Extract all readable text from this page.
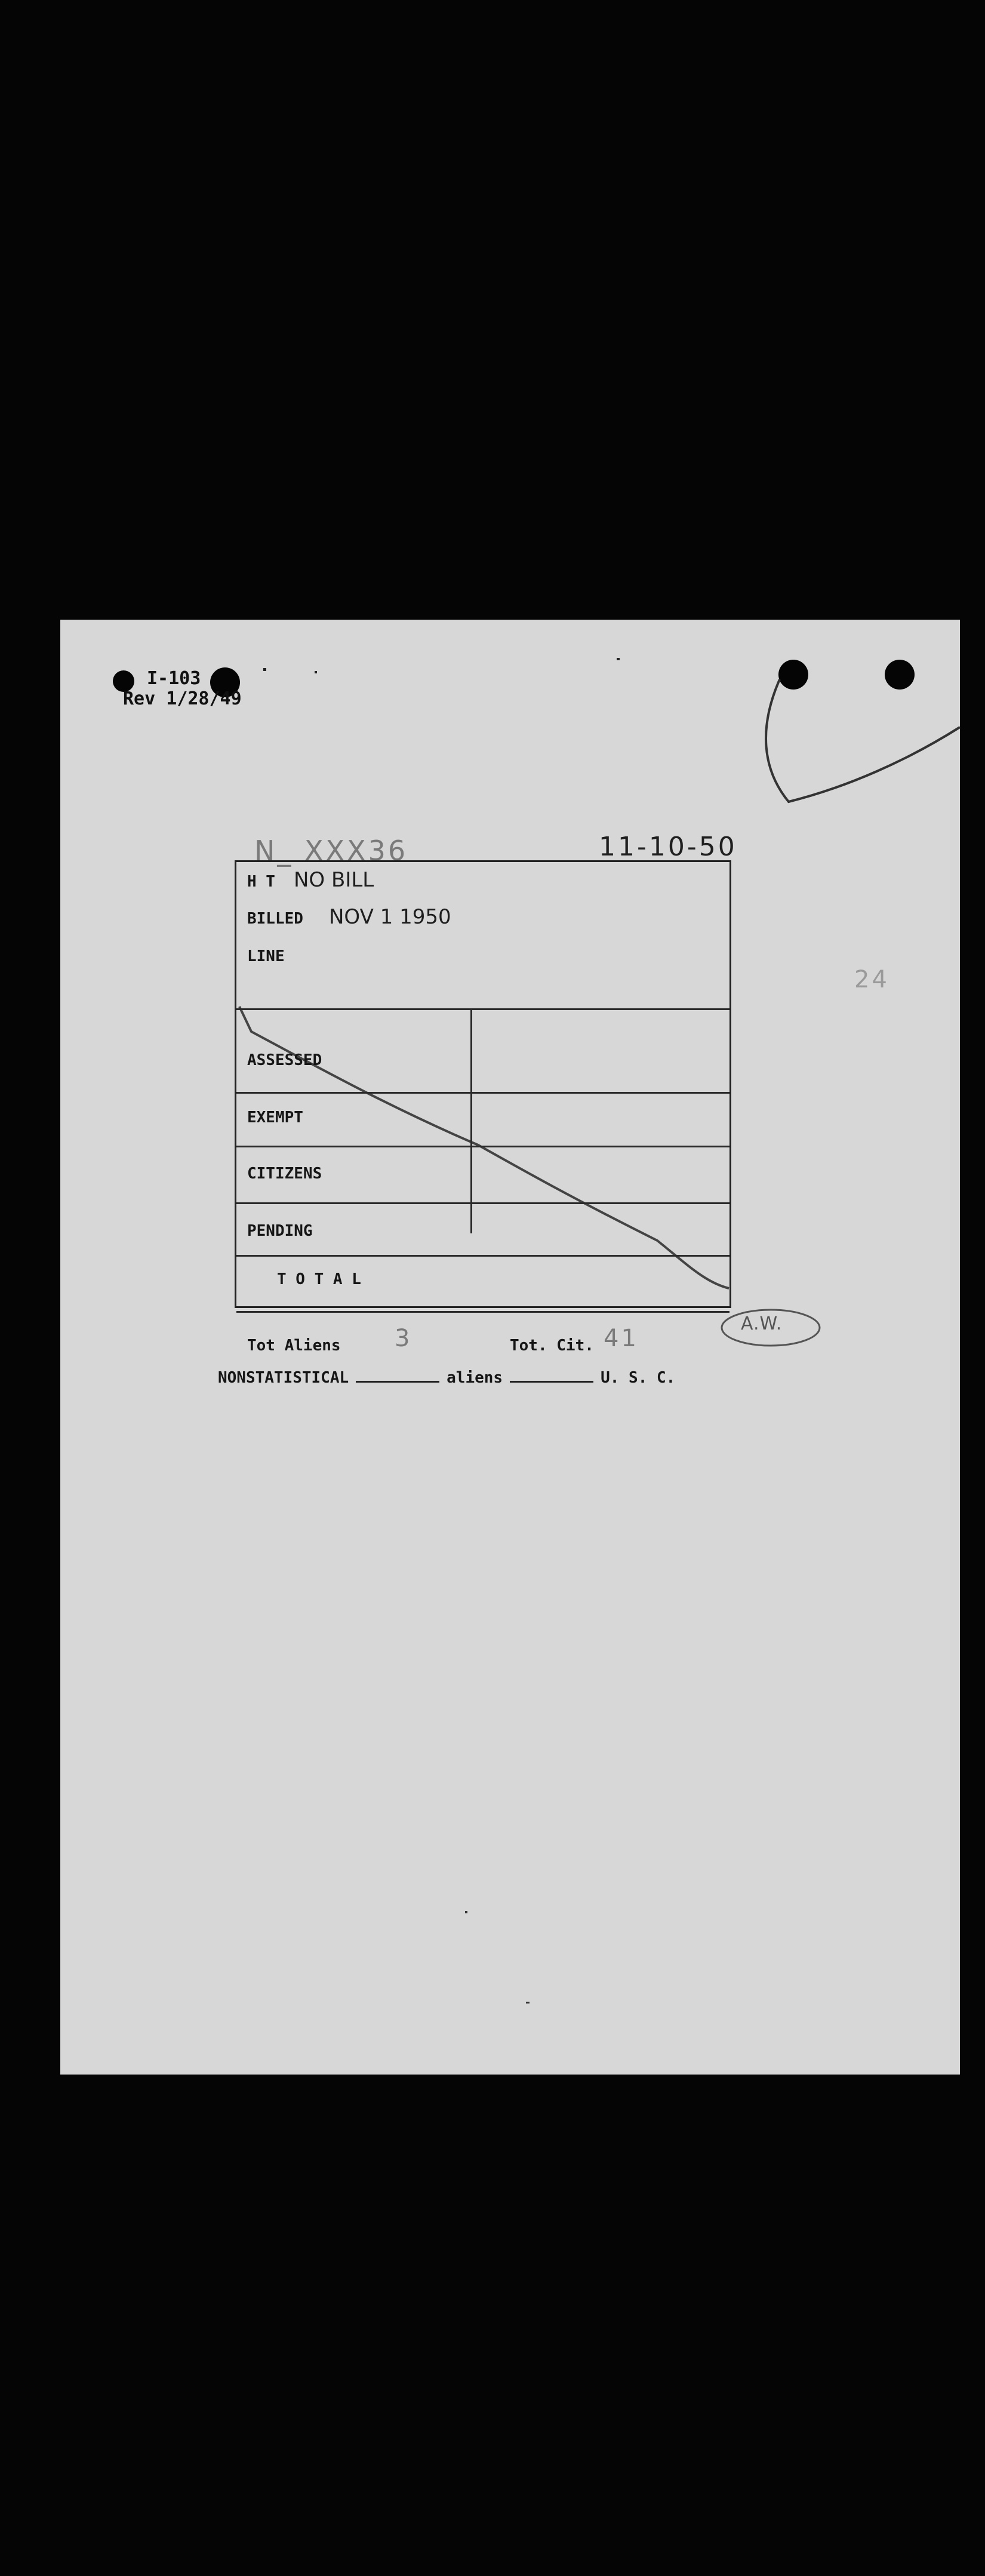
I-103
Rev 1/28/49
N_ XXX36	11-10-50
24
H T NO BILL
BILLED NOV 1 1950
LINE
ASSESSED
EXEMPT
CITIZENS
PENDING
T O T A L
Tot Aliens 3	Tot. Cit. 41
A.W.
NONSTATISTICAL	aliens	U. S. C.
